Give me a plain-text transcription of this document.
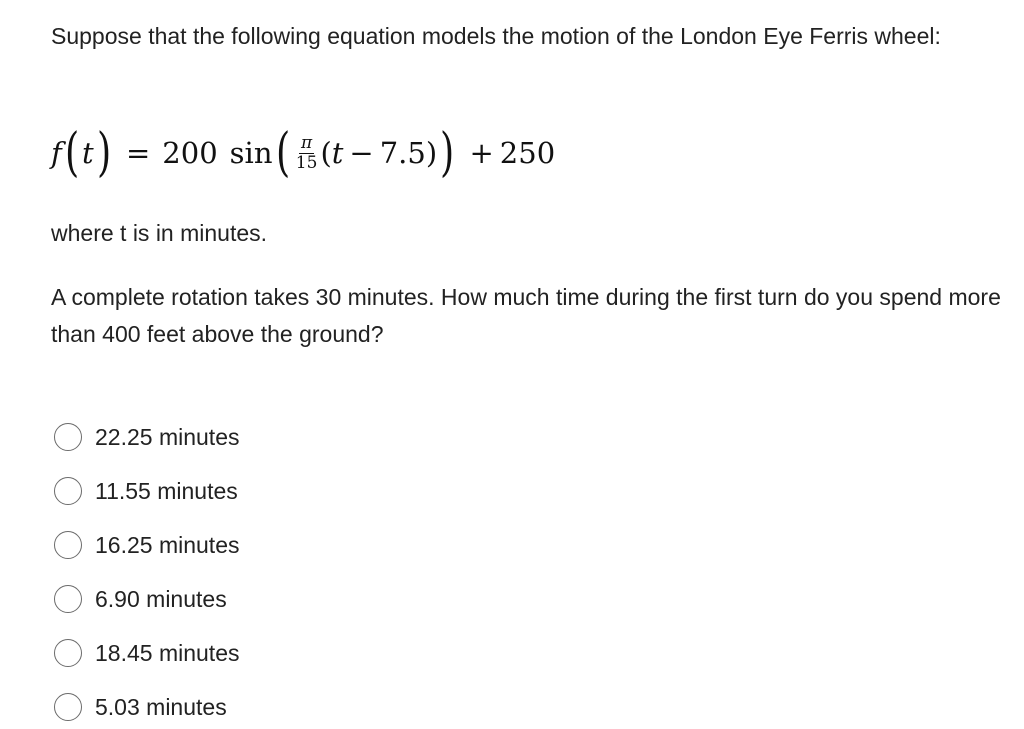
Suppose that the following equation models the motion of the London Eye Ferris wheel:

f ( t ) = 200 sin ( $\frac{\pi}{15}$ ( t − 7.5 ) ) + 250

where t is in minutes.

A complete rotation takes 30 minutes. How much time during the first turn do you spend more than 400 feet above the ground?

22.25 minutes
11.55 minutes
16.25 minutes
6.90 minutes
18.45 minutes
5.03 minutes
